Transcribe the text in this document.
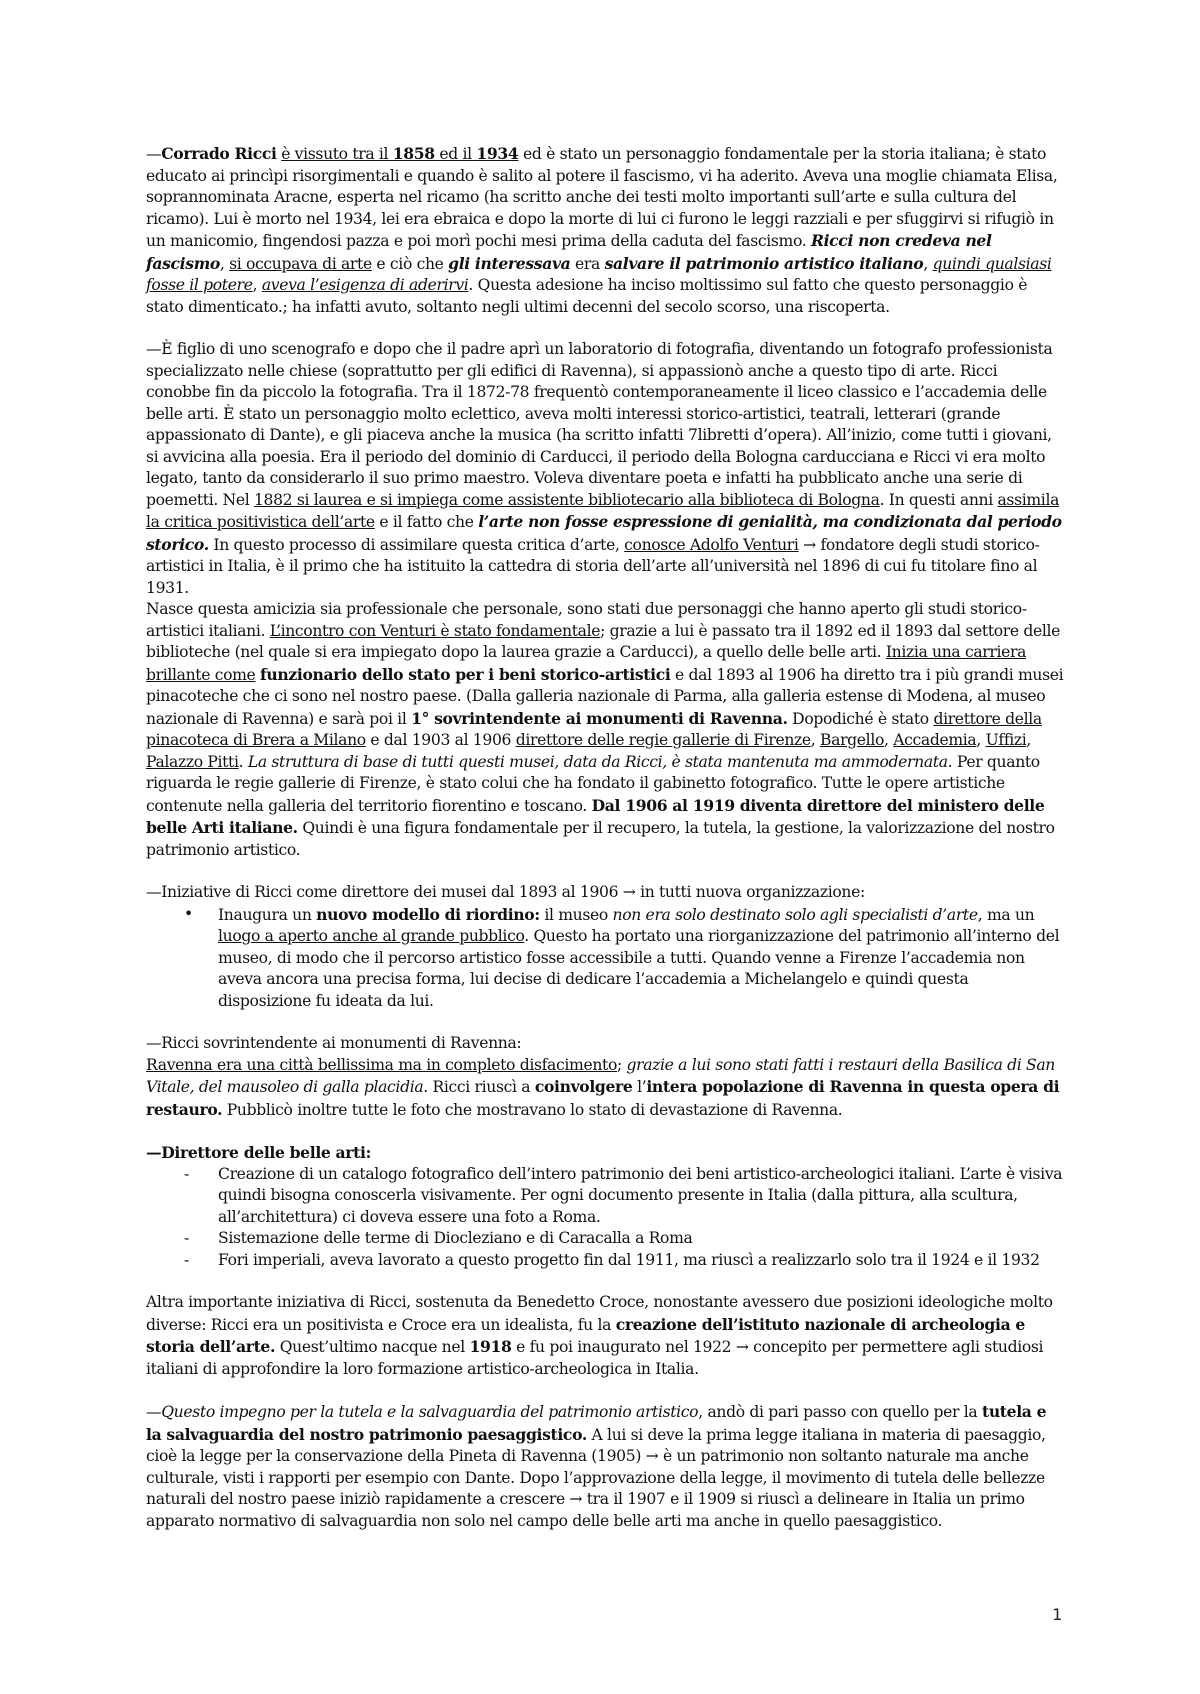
—Corrado Ricci è vissuto tra il 1858 ed il 1934 ed è stato un personaggio fondamentale per la storia italiana; è stato educato ai princìpi risorgimentali e quando è salito al potere il fascismo, vi ha aderito. Aveva una moglie chiamata Elisa, soprannominata Aracne, esperta nel ricamo (ha scritto anche dei testi molto importanti sull’arte e sulla cultura del ricamo). Lui è morto nel 1934, lei era ebraica e dopo la morte di lui ci furono le leggi razziali e per sfuggirvi si rifugiò in un manicomio, fingendosi pazza e poi morì pochi mesi prima della caduta del fascismo. Ricci non credeva nel fascismo, si occupava di arte e ciò che gli interessava era salvare il patrimonio artistico italiano, quindi qualsiasi fosse il potere, aveva l’esigenza di aderirvi. Questa adesione ha inciso moltissimo sul fatto che questo personaggio è stato dimenticato.; ha infatti avuto, soltanto negli ultimi decenni del secolo scorso, una riscoperta.

—È figlio di uno scenografo e dopo che il padre aprì un laboratorio di fotografia, diventando un fotografo professionista specializzato nelle chiese (soprattutto per gli edifici di Ravenna), si appassionò anche a questo tipo di arte. Ricci conobbe fin da piccolo la fotografia. Tra il 1872-78 frequentò contemporaneamente il liceo classico e l’accademia delle belle arti. È stato un personaggio molto eclettico, aveva molti interessi storico-artistici, teatrali, letterari (grande appassionato di Dante), e gli piaceva anche la musica (ha scritto infatti 7libretti d’opera). All’inizio, come tutti i giovani, si avvicina alla poesia. Era il periodo del dominio di Carducci, il periodo della Bologna carducciana e Ricci vi era molto legato, tanto da considerarlo il suo primo maestro. Voleva diventare poeta e infatti ha pubblicato anche una serie di poemetti. Nel 1882 si laurea e si impiega come assistente bibliotecario alla biblioteca di Bologna. In questi anni assimila la critica positivistica dell’arte e il fatto che l’arte non fosse espressione di genialità, ma condizionata dal periodo storico. In questo processo di assimilare questa critica d’arte, conosce Adolfo Venturi → fondatore degli studi storico-artistici in Italia, è il primo che ha istituito la cattedra di storia dell’arte all’università nel 1896 di cui fu titolare fino al 1931.
Nasce questa amicizia sia professionale che personale, sono stati due personaggi che hanno aperto gli studi storico-artistici italiani. L’incontro con Venturi è stato fondamentale; grazie a lui è passato tra il 1892 ed il 1893 dal settore delle biblioteche (nel quale si era impiegato dopo la laurea grazie a Carducci), a quello delle belle arti. Inizia una carriera brillante come funzionario dello stato per i beni storico-artistici e dal 1893 al 1906 ha diretto tra i più grandi musei pinacoteche che ci sono nel nostro paese. (Dalla galleria nazionale di Parma, alla galleria estense di Modena, al museo nazionale di Ravenna) e sarà poi il 1° sovrintendente ai monumenti di Ravenna. Dopodiché è stato direttore della pinacoteca di Brera a Milano e dal 1903 al 1906 direttore delle regie gallerie di Firenze, Bargello, Accademia, Uffizi, Palazzo Pitti. La struttura di base di tutti questi musei, data da Ricci, è stata mantenuta ma ammodernata. Per quanto riguarda le regie gallerie di Firenze, è stato colui che ha fondato il gabinetto fotografico. Tutte le opere artistiche contenute nella galleria del territorio fiorentino e toscano. Dal 1906 al 1919 diventa direttore del ministero delle belle Arti italiane. Quindi è una figura fondamentale per il recupero, la tutela, la gestione, la valorizzazione del nostro patrimonio artistico.

—Iniziative di Ricci come direttore dei musei dal 1893 al 1906 → in tutti nuova organizzazione:

• Inaugura un nuovo modello di riordino: il museo non era solo destinato solo agli specialisti d’arte, ma un luogo a aperto anche al grande pubblico. Questo ha portato una riorganizzazione del patrimonio all’interno del museo, di modo che il percorso artistico fosse accessibile a tutti. Quando venne a Firenze l’accademia non aveva ancora una precisa forma, lui decise di dedicare l’accademia a Michelangelo e quindi questa disposizione fu ideata da lui.

—Ricci sovrintendente ai monumenti di Ravenna:

Ravenna era una città bellissima ma in completo disfacimento; grazie a lui sono stati fatti i restauri della Basilica di San Vitale, del mausoleo di galla placidia. Ricci riuscì a coinvolgere l’intera popolazione di Ravenna in questa opera di restauro. Pubblicò inoltre tutte le foto che mostravano lo stato di devastazione di Ravenna.

—Direttore delle belle arti:

- Creazione di un catalogo fotografico dell’intero patrimonio dei beni artistico-archeologici italiani. L’arte è visiva quindi bisogna conoscerla visivamente. Per ogni documento presente in Italia (dalla pittura, alla scultura, all’architettura) ci doveva essere una foto a Roma.
- Sistemazione delle terme di Diocleziano e di Caracalla a Roma
- Fori imperiali, aveva lavorato a questo progetto fin dal 1911, ma riuscì a realizzarlo solo tra il 1924 e il 1932

Altra importante iniziativa di Ricci, sostenuta da Benedetto Croce, nonostante avessero due posizioni ideologiche molto diverse: Ricci era un positivista e Croce era un idealista, fu la creazione dell’istituto nazionale di archeologia e storia dell’arte. Quest’ultimo nacque nel 1918 e fu poi inaugurato nel 1922 → concepito per permettere agli studiosi italiani di approfondire la loro formazione artistico-archeologica in Italia.

—Questo impegno per la tutela e la salvaguardia del patrimonio artistico, andò di pari passo con quello per la tutela e la salvaguardia del nostro patrimonio paesaggistico. A lui si deve la prima legge italiana in materia di paesaggio, cioè la legge per la conservazione della Pineta di Ravenna (1905) → è un patrimonio non soltanto naturale ma anche culturale, visti i rapporti per esempio con Dante. Dopo l’approvazione della legge, il movimento di tutela delle bellezze naturali del nostro paese iniziò rapidamente a crescere → tra il 1907 e il 1909 si riuscì a delineare in Italia un primo apparato normativo di salvaguardia non solo nel campo delle belle arti ma anche in quello paesaggistico.

1
